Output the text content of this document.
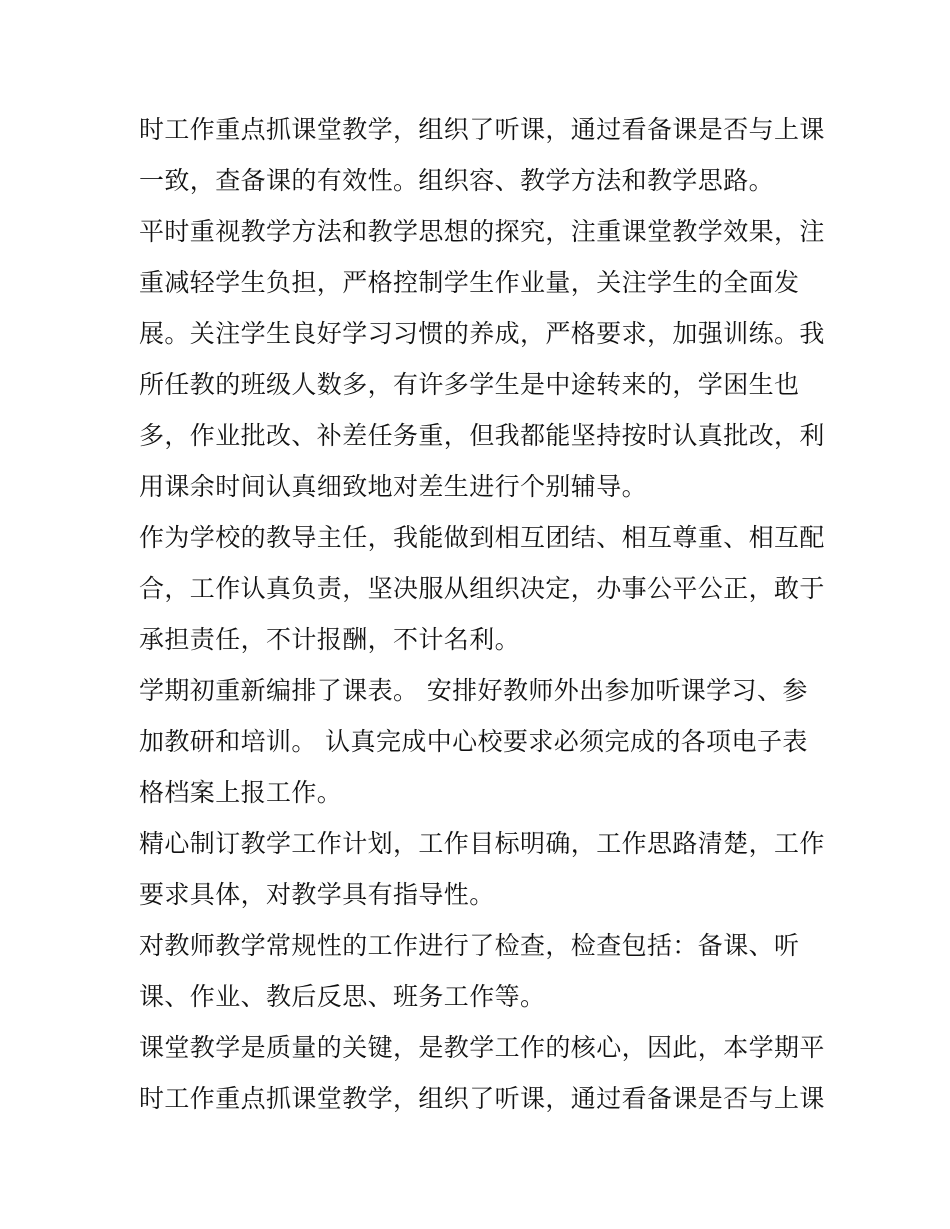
时工作重点抓课堂教学，组织了听课，通过看备课是否与上课
一致，查备课的有效性。组织容、教学方法和教学思路。
平时重视教学方法和教学思想的探究，注重课堂教学效果，注
重减轻学生负担，严格控制学生作业量，关注学生的全面发
展。关注学生良好学习习惯的养成，严格要求，加强训练。我
所任教的班级人数多，有许多学生是中途转来的，学困生也
多，作业批改、补差任务重，但我都能坚持按时认真批改，利
用课余时间认真细致地对差生进行个别辅导。
作为学校的教导主任，我能做到相互团结、相互尊重、相互配
合，工作认真负责，坚决服从组织决定，办事公平公正，敢于
承担责任，不计报酬，不计名利。
学期初重新编排了课表。 安排好教师外出参加听课学习、参
加教研和培训。 认真完成中心校要求必须完成的各项电子表
格档案上报工作。
精心制订教学工作计划，工作目标明确，工作思路清楚，工作
要求具体，对教学具有指导性。
对教师教学常规性的工作进行了检查，检查包括：备课、听
课、作业、教后反思、班务工作等。
课堂教学是质量的关键，是教学工作的核心，因此，本学期平
时工作重点抓课堂教学，组织了听课，通过看备课是否与上课
